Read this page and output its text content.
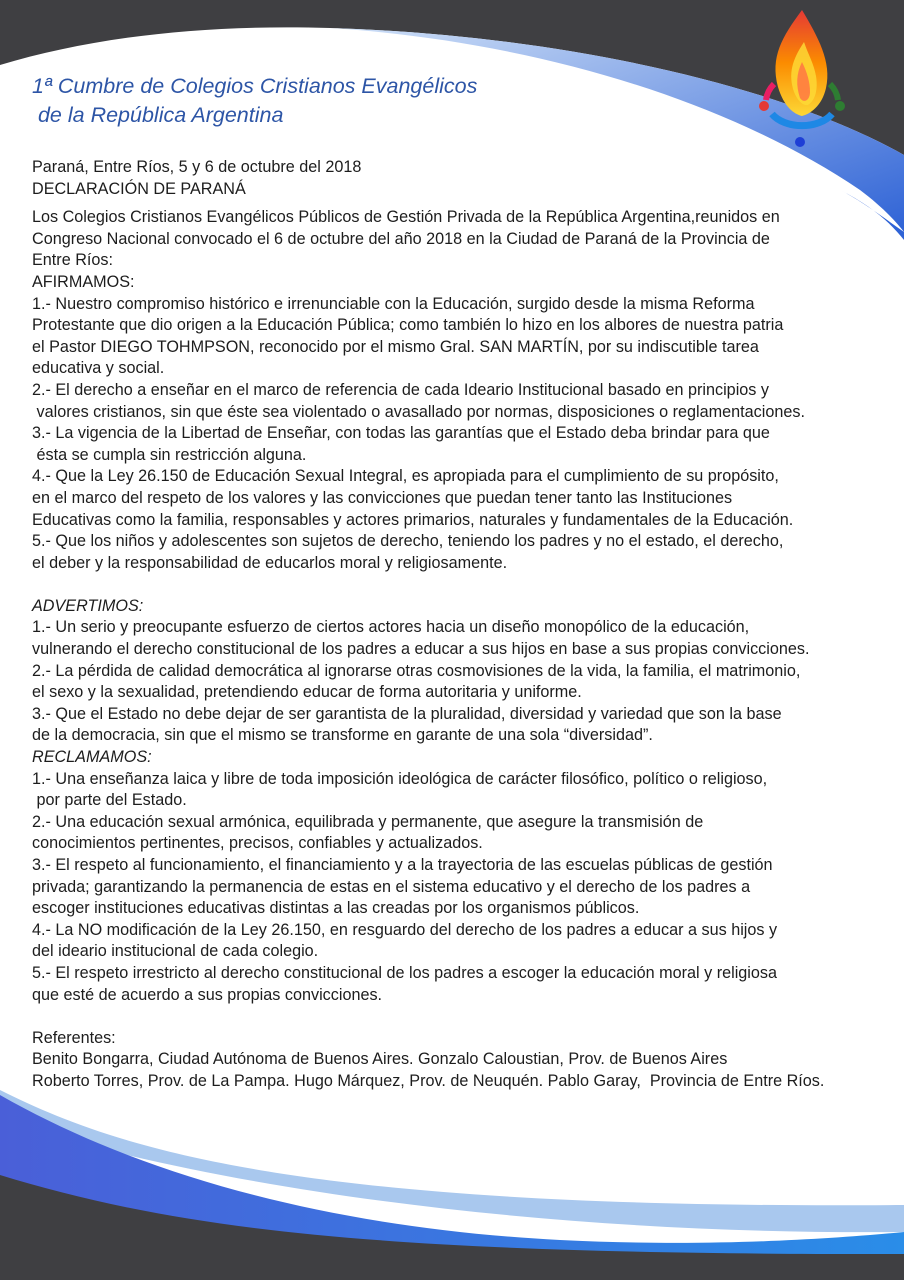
1ª Cumbre de Colegios Cristianos Evangélicos
de la República Argentina
Paraná, Entre Ríos, 5 y 6 de octubre del 2018
DECLARACIÓN DE PARANÁ
Los Colegios Cristianos Evangélicos Públicos de Gestión Privada de la República Argentina,reunidos en
Congreso Nacional convocado el 6 de octubre del año 2018 en la Ciudad de Paraná de la Provincia de
Entre Ríos:
AFIRMAMOS:
1.- Nuestro compromiso histórico e irrenunciable con la Educación, surgido desde la misma Reforma
Protestante que dio origen a la Educación Pública; como también lo hizo en los albores de nuestra patria
el Pastor DIEGO TOHMPSON, reconocido por el mismo Gral. SAN MARTÍN, por su indiscutible tarea
educativa y social.
2.- El derecho a enseñar en el marco de referencia de cada Ideario Institucional basado en principios y
valores cristianos, sin que éste sea violentado o avasallado por normas, disposiciones o reglamentaciones.
3.- La vigencia de la Libertad de Enseñar, con todas las garantías que el Estado deba brindar para que
ésta se cumpla sin restricción alguna.
4.- Que la Ley 26.150 de Educación Sexual Integral, es apropiada para el cumplimiento de su propósito,
en el marco del respeto de los valores y las convicciones que puedan tener tanto las Instituciones
Educativas como la familia, responsables y actores primarios, naturales y fundamentales de la Educación.
5.- Que los niños y adolescentes son sujetos de derecho, teniendo los padres y no el estado, el derecho,
el deber y la responsabilidad de educarlos moral y religiosamente.
ADVERTIMOS:
1.- Un serio y preocupante esfuerzo de ciertos actores hacia un diseño monopólico de la educación,
vulnerando el derecho constitucional de los padres a educar a sus hijos en base a sus propias convicciones.
2.- La pérdida de calidad democrática al ignorarse otras cosmovisiones de la vida, la familia, el matrimonio,
el sexo y la sexualidad, pretendiendo educar de forma autoritaria y uniforme.
3.- Que el Estado no debe dejar de ser garantista de la pluralidad, diversidad y variedad que son la base
de la democracia, sin que el mismo se transforme en garante de una sola “diversidad”.
RECLAMAMOS:
1.- Una enseñanza laica y libre de toda imposición ideológica de carácter filosófico, político o religioso,
por parte del Estado.
2.- Una educación sexual armónica, equilibrada y permanente, que asegure la transmisión de
conocimientos pertinentes, precisos, confiables y actualizados.
3.- El respeto al funcionamiento, el financiamiento y a la trayectoria de las escuelas públicas de gestión
privada; garantizando la permanencia de estas en el sistema educativo y el derecho de los padres a
escoger instituciones educativas distintas a las creadas por los organismos públicos.
4.- La NO modificación de la Ley 26.150, en resguardo del derecho de los padres a educar a sus hijos y
del ideario institucional de cada colegio.
5.- El respeto irrestricto al derecho constitucional de los padres a escoger la educación moral y religiosa
que esté de acuerdo a sus propias convicciones.
Referentes:
Benito Bongarra, Ciudad Autónoma de Buenos Aires. Gonzalo Caloustian, Prov. de Buenos Aires
Roberto Torres, Prov. de La Pampa. Hugo Márquez, Prov. de Neuquén. Pablo Garay,  Provincia de Entre Ríos.
